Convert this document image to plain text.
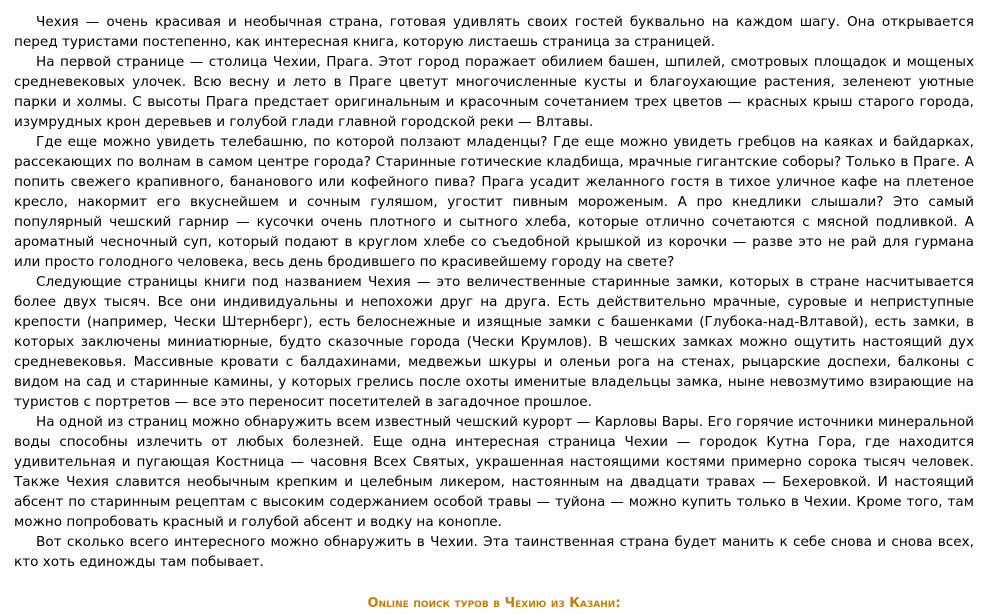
Чехия — очень красивая и необычная страна, готовая удивлять своих гостей буквально на каждом шагу. Она открывается перед туристами постепенно, как интересная книга, которую листаешь страница за страницей.

На первой странице — столица Чехии, Прага. Этот город поражает обилием башен, шпилей, смотровых площадок и мощеных средневековых улочек. Всю весну и лето в Праге цветут многочисленные кусты и благоухающие растения, зеленеют уютные парки и холмы. С высоты Прага предстает оригинальным и красочным сочетанием трех цветов — красных крыш старого города, изумрудных крон деревьев и голубой глади главной городской реки — Влтавы.

Где еще можно увидеть телебашню, по которой ползают младенцы? Где еще можно увидеть гребцов на каяках и байдарках, рассекающих по волнам в самом центре города? Старинные готические кладбища, мрачные гигантские соборы? Только в Праге. А попить свежего крапивного, бананового или кофейного пива? Прага усадит желанного гостя в тихое уличное кафе на плетеное кресло, накормит его вкуснейшем и сочным гуляшом, угостит пивным мороженым. А про кнедлики слышали? Это самый популярный чешский гарнир — кусочки очень плотного и сытного хлеба, которые отлично сочетаются с мясной подливкой. А ароматный чесночный суп, который подают в круглом хлебе со съедобной крышкой из корочки — разве это не рай для гурмана или просто голодного человека, весь день бродившего по красивейшему городу на свете?

Следующие страницы книги под названием Чехия — это величественные старинные замки, которых в стране насчитывается более двух тысяч. Все они индивидуальны и непохожи друг на друга. Есть действительно мрачные, суровые и неприступные крепости (например, Чески Штернберг), есть белоснежные и изящные замки с башенками (Глубока-над-Влтавой), есть замки, в которых заключены миниатюрные, будто сказочные города (Чески Крумлов). В чешских замках можно ощутить настоящий дух средневековья. Массивные кровати с балдахинами, медвежьи шкуры и оленьи рога на стенах, рыцарские доспехи, балконы с видом на сад и старинные камины, у которых грелись после охоты именитые владельцы замка, ныне невозмутимо взирающие на туристов с портретов — все это переносит посетителей в загадочное прошлое.

На одной из страниц можно обнаружить всем известный чешский курорт — Карловы Вары. Его горячие источники минеральной воды способны излечить от любых болезней. Еще одна интересная страница Чехии — городок Кутна Гора, где находится удивительная и пугающая Костница — часовня Всех Святых, украшенная настоящими костями примерно сорока тысяч человек. Также Чехия славится необычным крепким и целебным ликером, настоянным на двадцати травах — Бехеровкой. И настоящий абсент по старинным рецептам с высоким содержанием особой травы — туйона — можно купить только в Чехии. Кроме того, там можно попробовать красный и голубой абсент и водку на конопле.

Вот сколько всего интересного можно обнаружить в Чехии. Эта таинственная страна будет манить к себе снова и снова всех, кто хоть единожды там побывает.

Online поиск туров в Чехию из Казани:
